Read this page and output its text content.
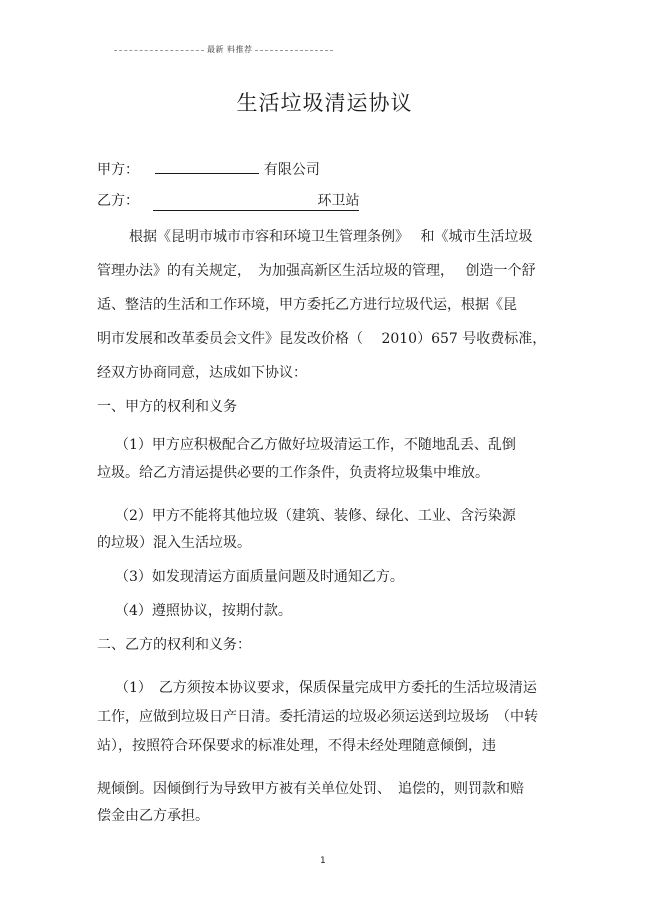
最新 料推荐
生活垃圾清运协议
甲方：	有限公司
乙方：	环卫站
根据《昆明市城市市容和环境卫生管理条例》　 和《城市生活垃圾
管理办法》的有关规定，　为加强高新区生活垃圾的管理，　 创造一个舒
适、整洁的生活和工作环境，甲方委托乙方进行垃圾代运，根据《昆
明市发展和改革委员会文件》昆发改价格（　 2010）657 号收费标准，
经双方协商同意，达成如下协议：
一、甲方的权利和义务
（1）甲方应积极配合乙方做好垃圾清运工作，不随地乱丢、乱倒
垃圾。给乙方清运提供必要的工作条件，负责将垃圾集中堆放。
（2）甲方不能将其他垃圾（建筑、装修、绿化、工业、含污染源
的垃圾）混入生活垃圾。
（3）如发现清运方面质量问题及时通知乙方。
（4）遵照协议，按期付款。
二、乙方的权利和义务：
（1）　乙方须按本协议要求，保质保量完成甲方委托的生活垃圾清运
工作，应做到垃圾日产日清。委托清运的垃圾必须运送到垃圾场　（中转
站），按照符合环保要求的标准处理，不得未经处理随意倾倒，违
规倾倒。因倾倒行为导致甲方被有关单位处罚、　追偿的，则罚款和赔
偿金由乙方承担。
1
